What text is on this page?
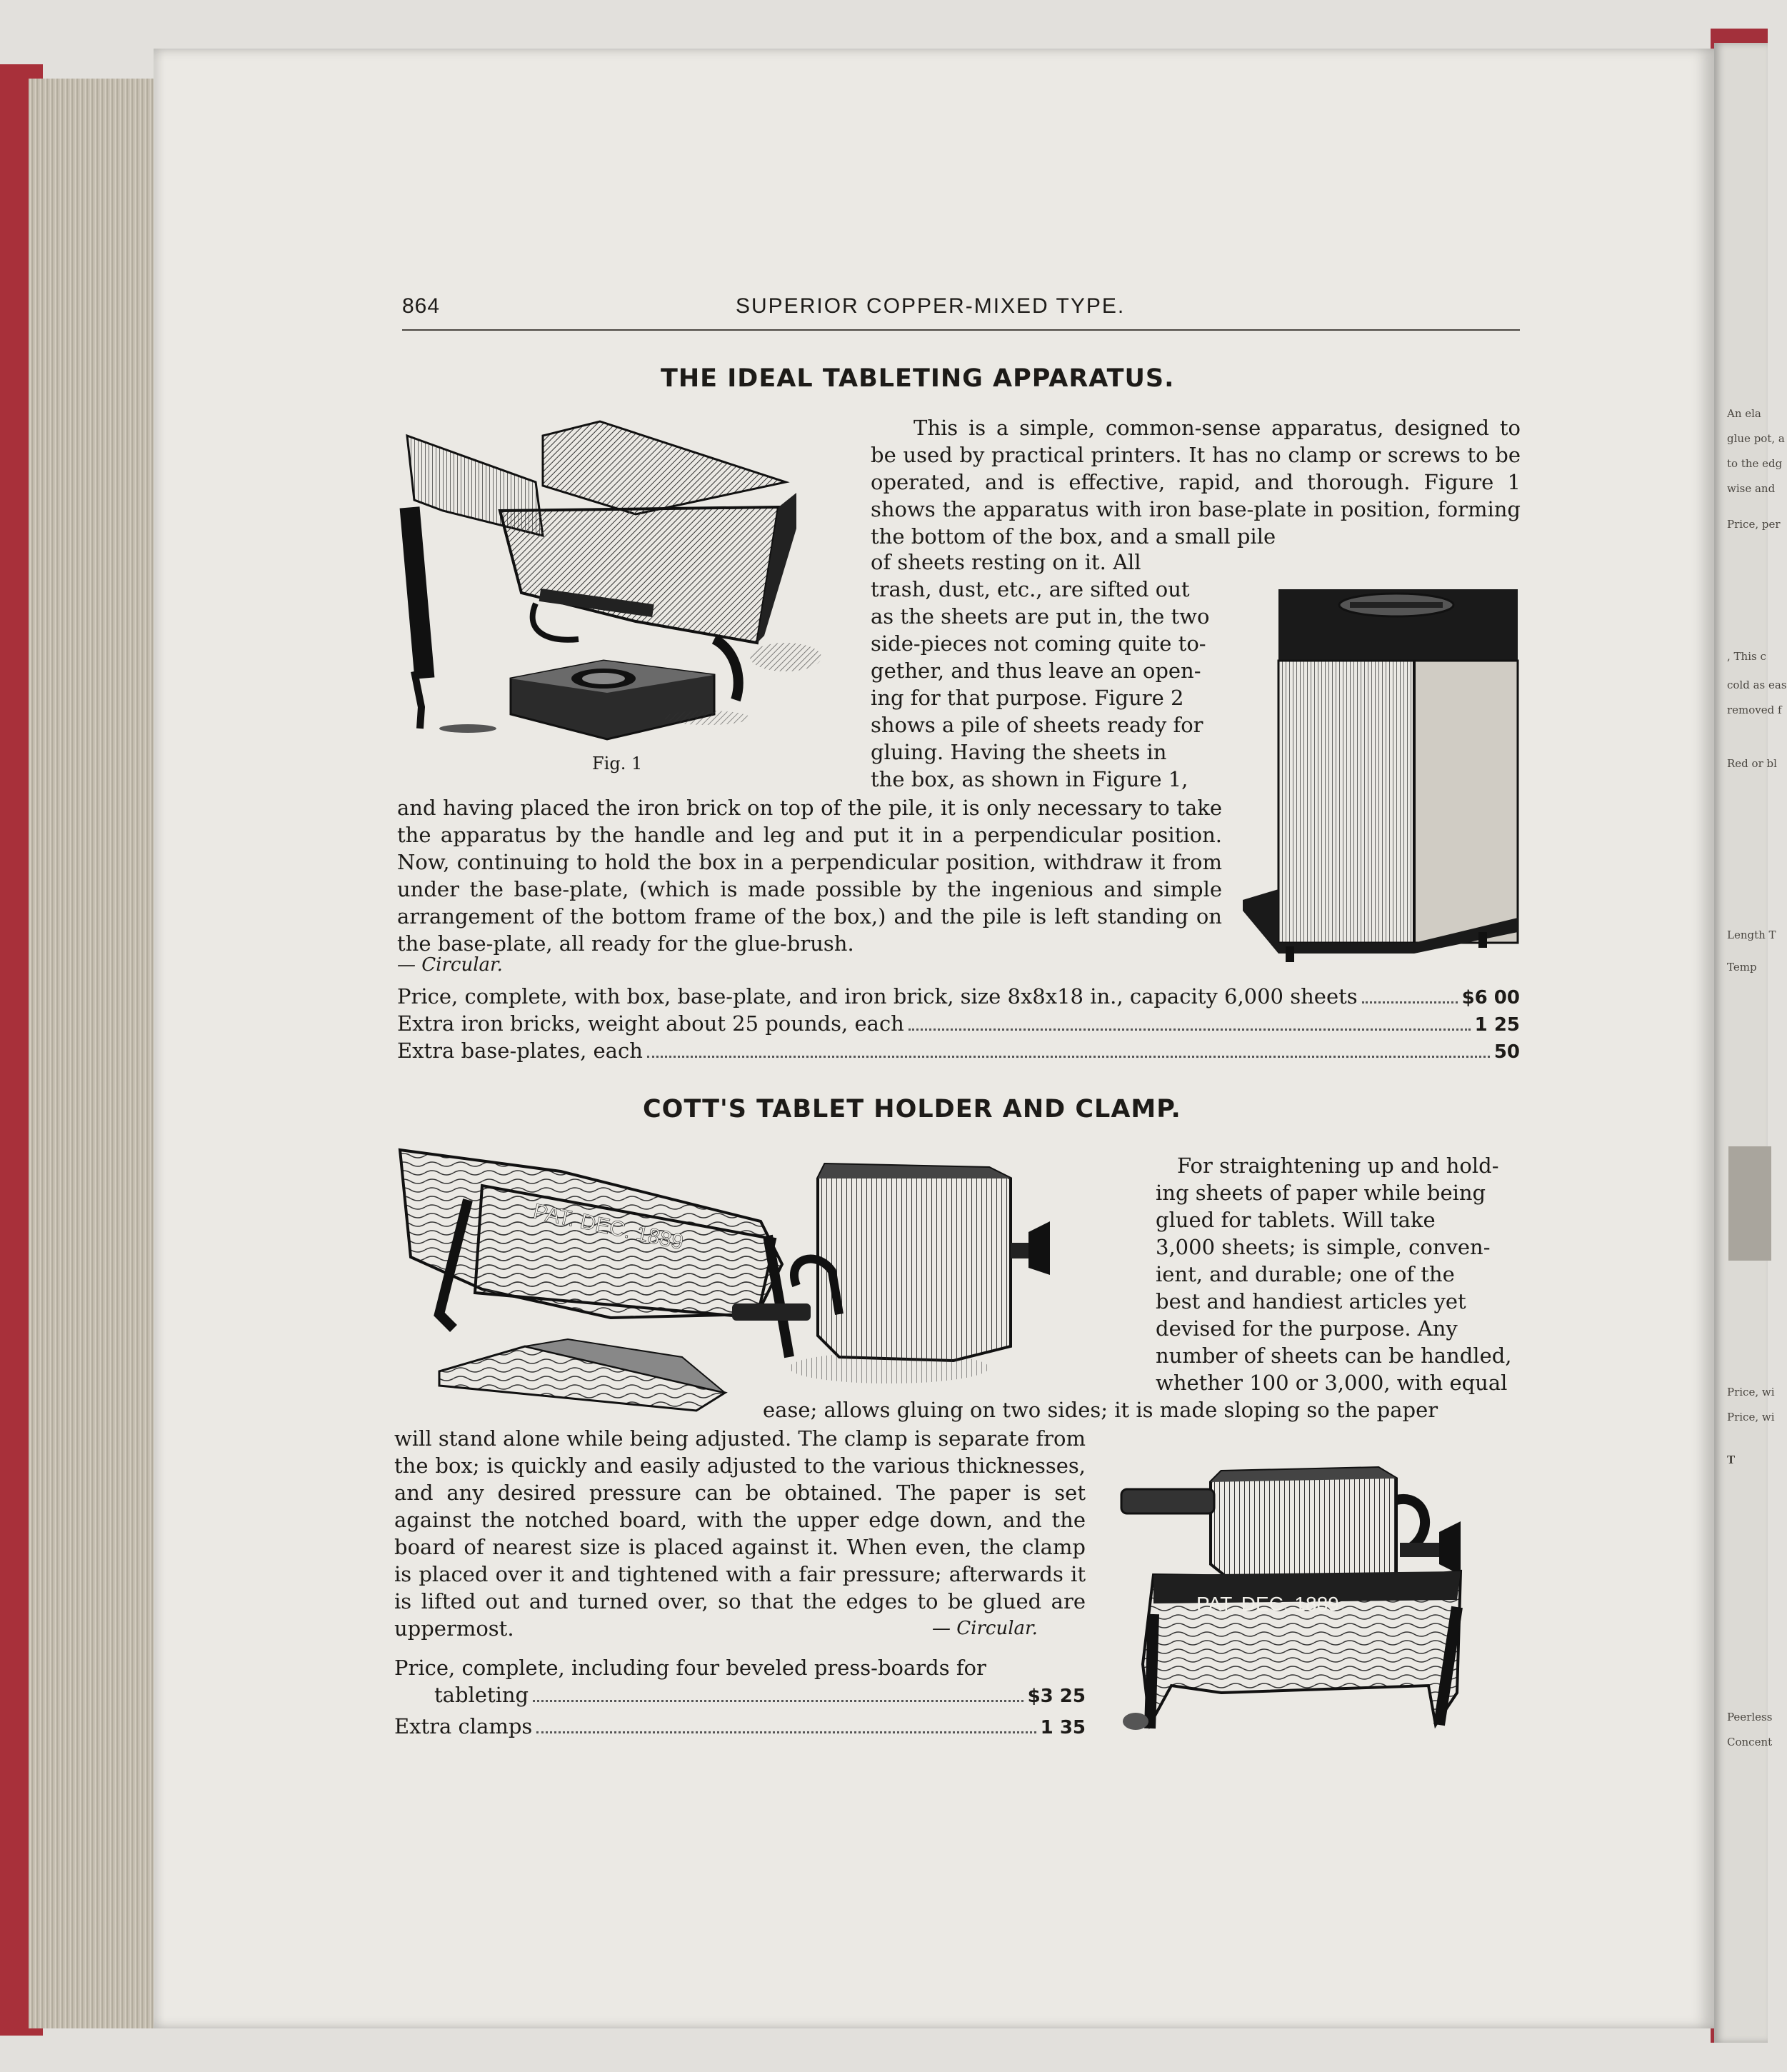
An ela
glue pot, a
to the edg
wise and
Price, per
, This c
cold as eas
removed f
Red or bl
Length T
Temp
Price, wi
Price, wi
T
Peerless
Concent
864	SUPERIOR COPPER-MIXED TYPE.
THE IDEAL TABLETING APPARATUS.
Fig. 1
This is a simple, common-sense apparatus, designed to be used by practical printers. It has no clamp or screws to be operated, and is effective, rapid, and thorough. Figure 1 shows the apparatus with iron base-plate in position, forming the bottom of the box, and a small pile
of sheets resting on it. All
trash, dust, etc., are sifted out
as the sheets are put in, the two
side-pieces not coming quite to-
gether, and thus leave an open-
ing for that purpose. Figure 2
shows a pile of sheets ready for
gluing. Having the sheets in
the box, as shown in Figure 1,
and having placed the iron brick on top of the pile, it is only necessary to take the apparatus by the handle and leg and put it in a perpendicular position. Now, continuing to hold the box in a perpendicular position, withdraw it from under the base-plate, (which is made possible by the ingenious and simple arrangement of the bottom frame of the box,) and the pile is left standing on the base-plate, all ready for the glue-brush.
— Circular.
Price, complete, with box, base-plate, and iron brick, size 8x8x18 in., capacity 6,000 sheets	$6 00
Extra iron bricks, weight about 25 pounds, each	1 25
Extra base-plates, each	50
COTT'S TABLET HOLDER AND CLAMP.
PAT. DEC. 1889
For straightening up and hold-
ing sheets of paper while being
glued for tablets. Will take
3,000 sheets; is simple, conven-
ient, and durable; one of the
best and handiest articles yet
devised for the purpose. Any
number of sheets can be handled,
whether 100 or 3,000, with equal
ease; allows gluing on two sides; it is made sloping so the paper
will stand alone while being adjusted. The clamp is separate from the box; is quickly and easily adjusted to the various thicknesses, and any desired pressure can be obtained. The paper is set against the notched board, with the upper edge down, and the board of nearest size is placed against it. When even, the clamp is placed over it and tightened with a fair pressure; afterwards it is lifted out and turned over, so that the edges to be glued are uppermost.	— Circular.
PAT. DEC. 1889
Price, complete, including four beveled press-boards for
tableting	$3 25
Extra clamps	1 35
